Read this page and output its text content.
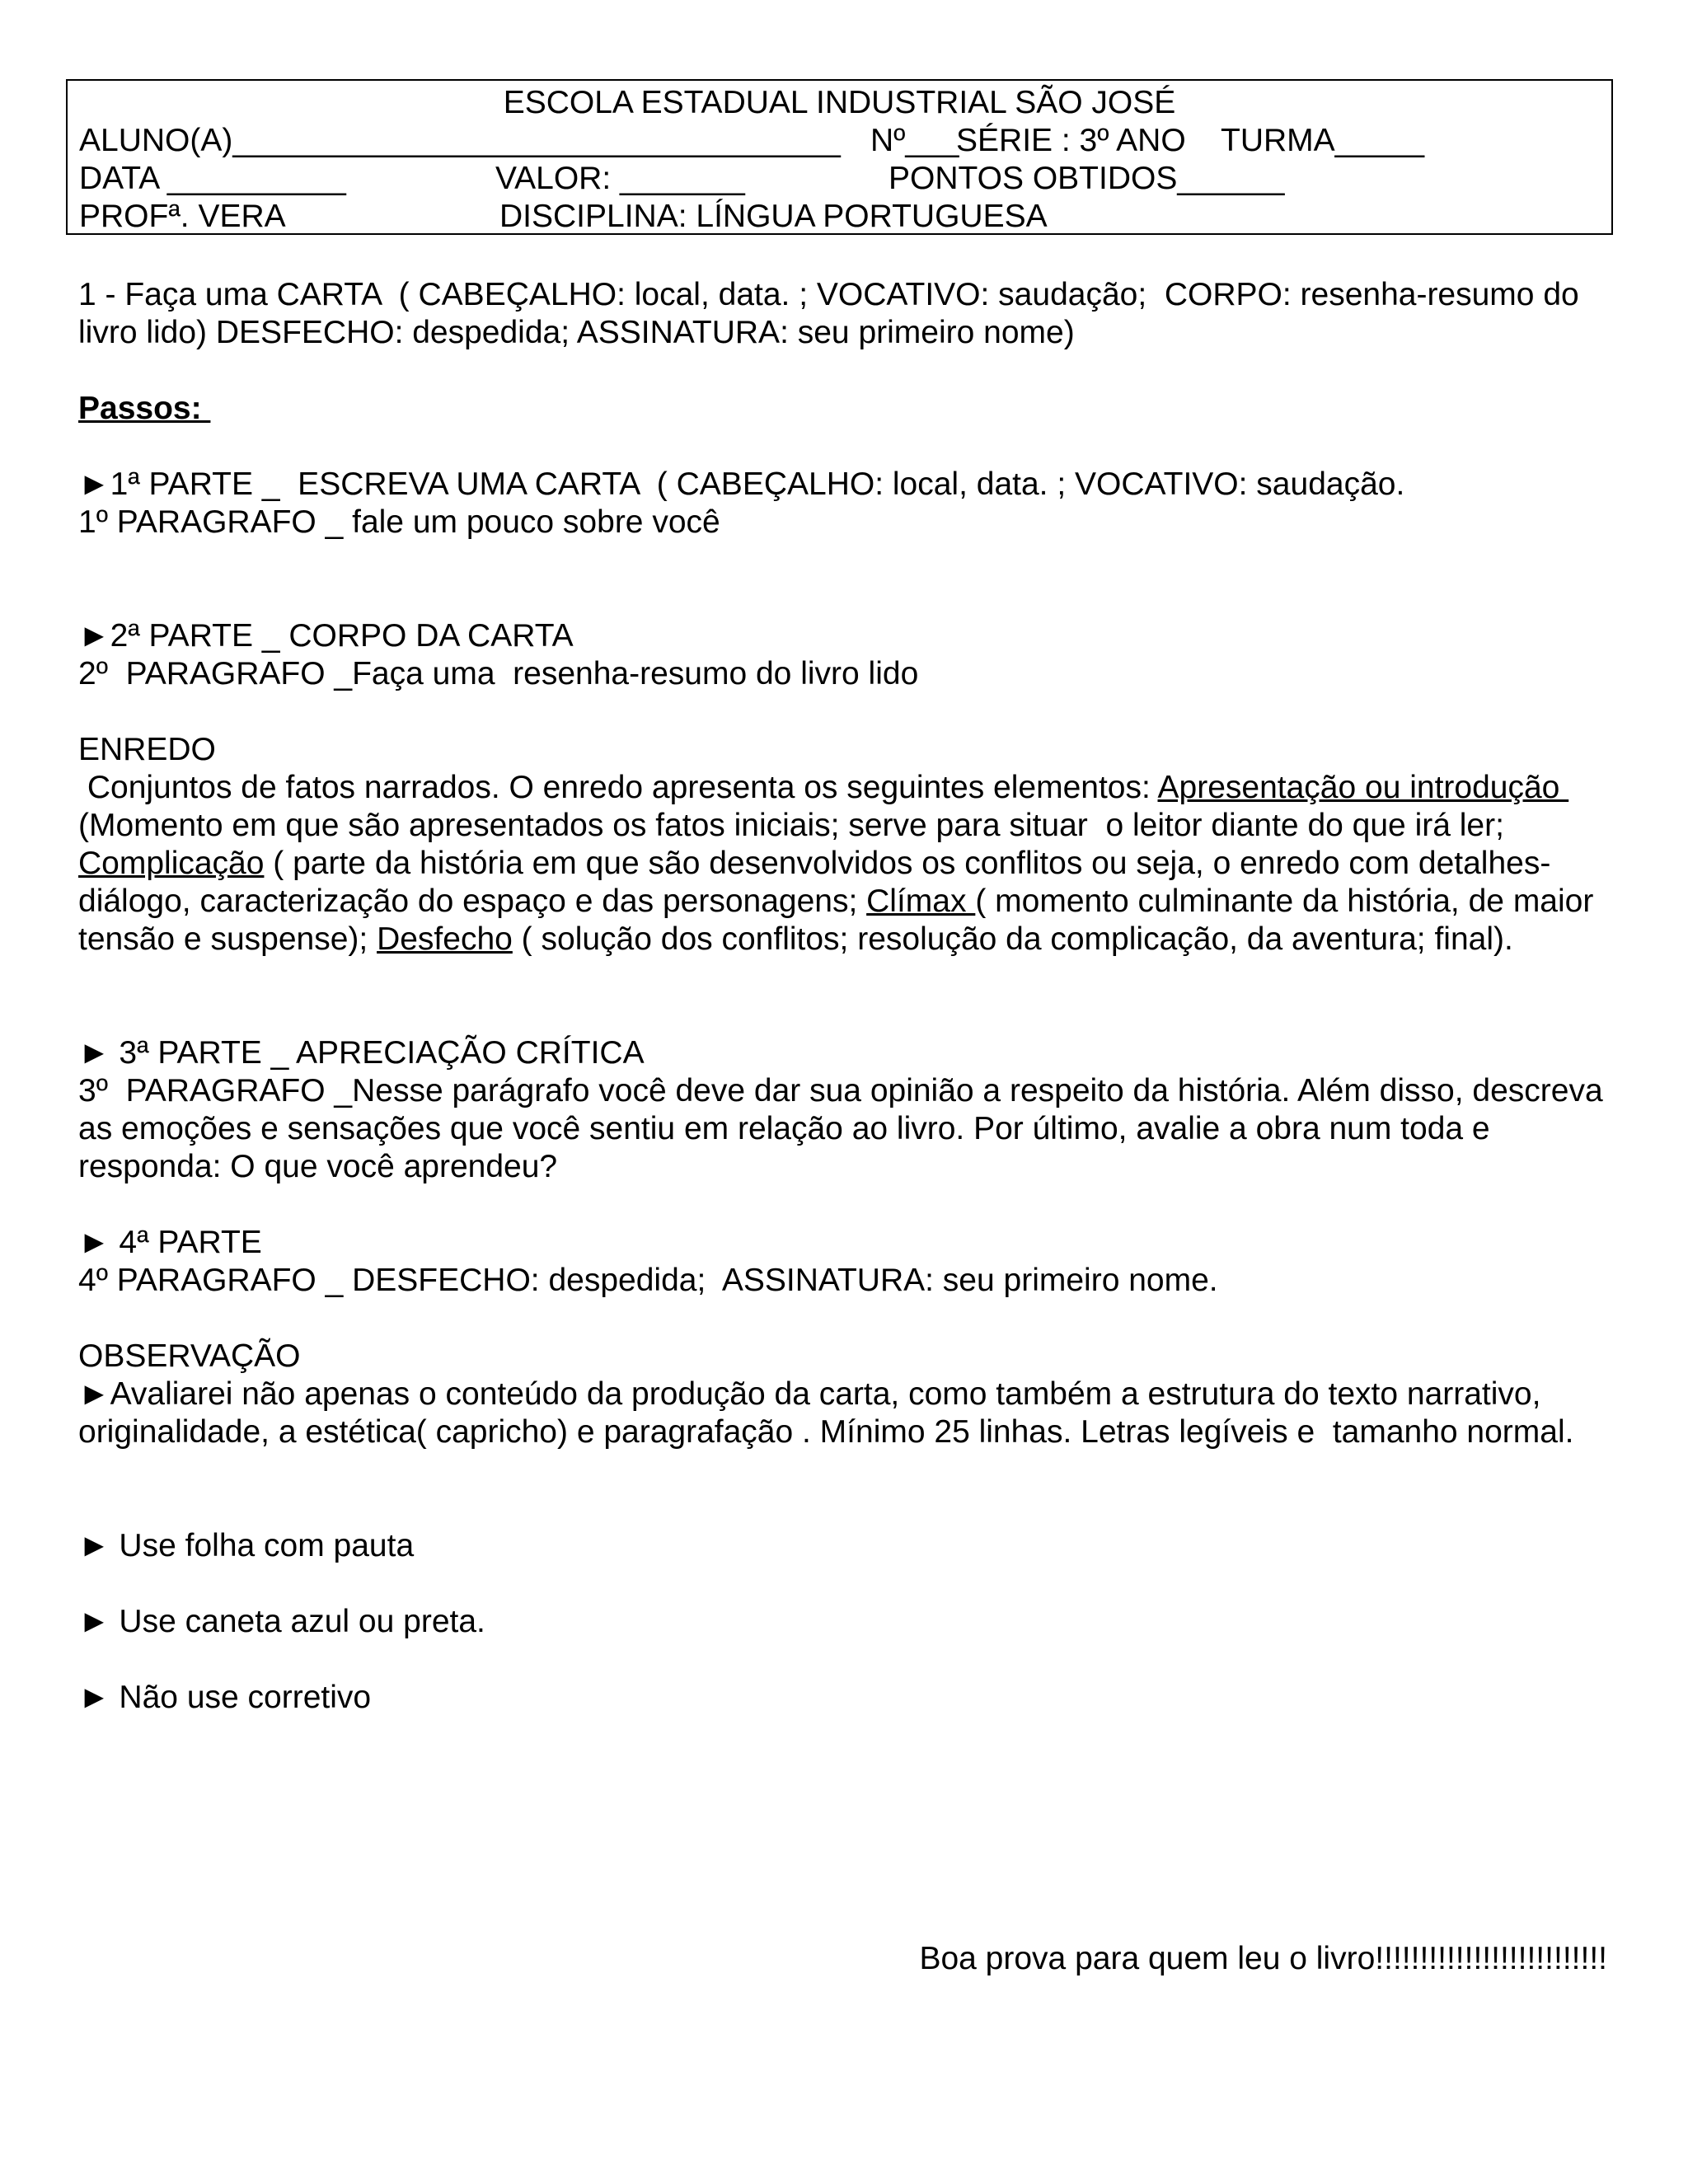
ESCOLA ESTADUAL INDUSTRIAL SÃO JOSÉ
ALUNO(A)__________________________________ Nº___
SÉRIE : 3º ANO TURMA_____
DATA __________	VALOR: _______	PONTOS OBTIDOS______
PROFª. VERA	DISCIPLINA: LÍNGUA PORTUGUESA

1 - Faça uma CARTA  ( CABEÇALHO: local, data. ; VOCATIVO: saudação;  CORPO: resenha-resumo do livro lido) DESFECHO: despedida; ASSINATURA: seu primeiro nome)

Passos:

►1ª PARTE _  ESCREVA UMA CARTA  ( CABEÇALHO: local, data. ; VOCATIVO: saudação.

1º PARAGRAFO _ fale um pouco sobre você

►2ª PARTE _ CORPO DA CARTA

2º  PARAGRAFO _Faça uma  resenha-resumo do livro lido

ENREDO

Conjuntos de fatos narrados. O enredo apresenta os seguintes elementos: Apresentação ou introdução (Momento em que são apresentados os fatos iniciais; serve para situar  o leitor diante do que irá ler; Complicação ( parte da história em que são desenvolvidos os conflitos ou seja, o enredo com detalhes-diálogo, caracterização do espaço e das personagens; Clímax ( momento culminante da história, de maior tensão e suspense); Desfecho ( solução dos conflitos; resolução da complicação, da aventura; final).

► 3ª PARTE _ APRECIAÇÃO CRÍTICA

3º  PARAGRAFO _Nesse parágrafo você deve dar sua opinião a respeito da história. Além disso, descreva as emoções e sensações que você sentiu em relação ao livro. Por último, avalie a obra num toda e responda: O que você aprendeu?

► 4ª PARTE

4º PARAGRAFO _ DESFECHO: despedida;  ASSINATURA: seu primeiro nome.

OBSERVAÇÃO

►Avaliarei não apenas o conteúdo da produção da carta, como também a estrutura do texto narrativo, originalidade, a estética( capricho) e paragrafação . Mínimo 25 linhas. Letras legíveis e  tamanho normal.

► Use folha com pauta

► Use caneta azul ou preta.

► Não use corretivo

Boa prova para quem leu o livro!!!!!!!!!!!!!!!!!!!!!!!!!!
